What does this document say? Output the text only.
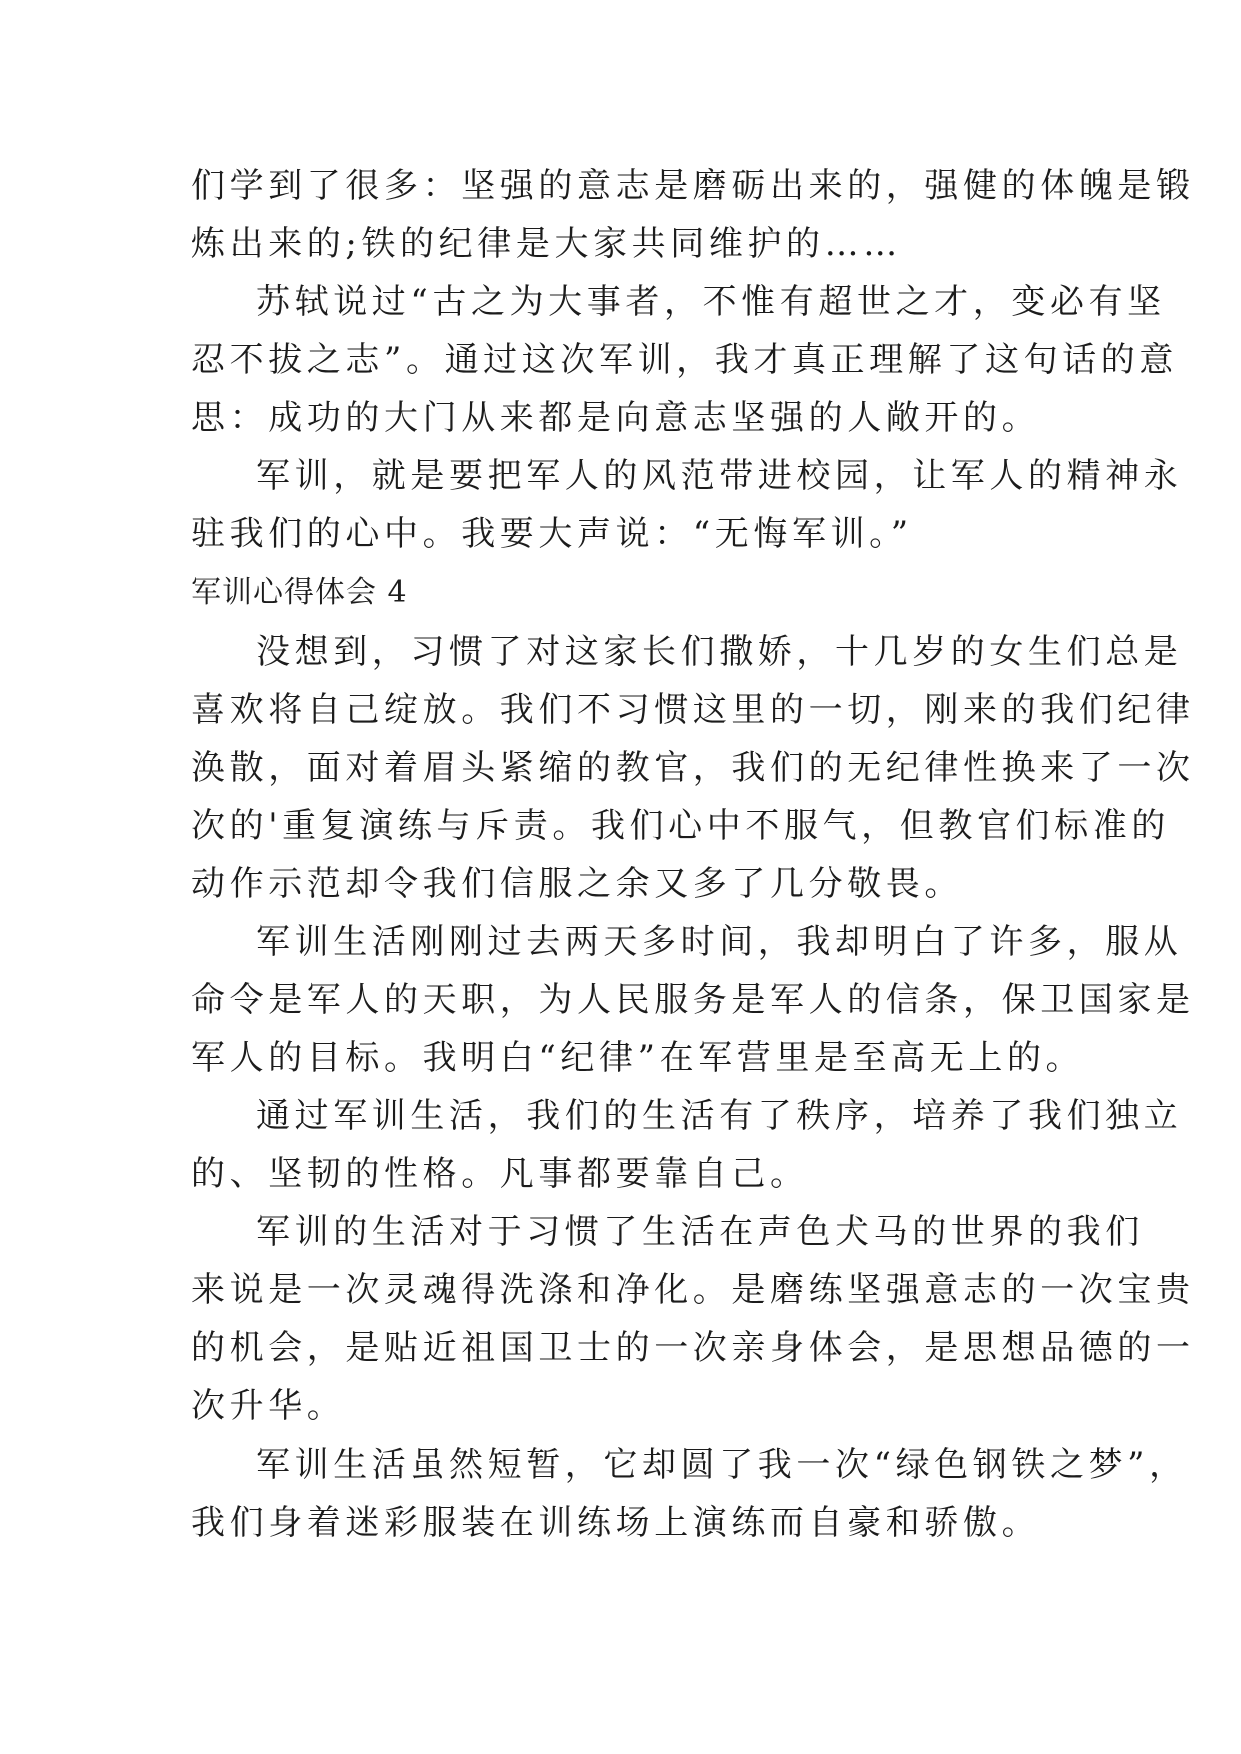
们学到了很多：坚强的意志是磨砺出来的，强健的体魄是锻
炼出来的;铁的纪律是大家共同维护的……
苏轼说过“古之为大事者，不惟有超世之才，变必有坚
忍不拔之志”。通过这次军训，我才真正理解了这句话的意
思：成功的大门从来都是向意志坚强的人敞开的。
军训，就是要把军人的风范带进校园，让军人的精神永
驻我们的心中。我要大声说：“无悔军训。”
军训心得体会 4
没想到，习惯了对这家长们撒娇，十几岁的女生们总是
喜欢将自己绽放。我们不习惯这里的一切，刚来的我们纪律
涣散，面对着眉头紧缩的教官，我们的无纪律性换来了一次
次的'重复演练与斥责。我们心中不服气，但教官们标准的
动作示范却令我们信服之余又多了几分敬畏。
军训生活刚刚过去两天多时间，我却明白了许多，服从
命令是军人的天职，为人民服务是军人的信条，保卫国家是
军人的目标。我明白“纪律”在军营里是至高无上的。
通过军训生活，我们的生活有了秩序，培养了我们独立
的、坚韧的性格。凡事都要靠自己。
军训的生活对于习惯了生活在声色犬马的世界的我们
来说是一次灵魂得洗涤和净化。是磨练坚强意志的一次宝贵
的机会，是贴近祖国卫士的一次亲身体会，是思想品德的一
次升华。
军训生活虽然短暂，它却圆了我一次“绿色钢铁之梦”，
我们身着迷彩服装在训练场上演练而自豪和骄傲。
